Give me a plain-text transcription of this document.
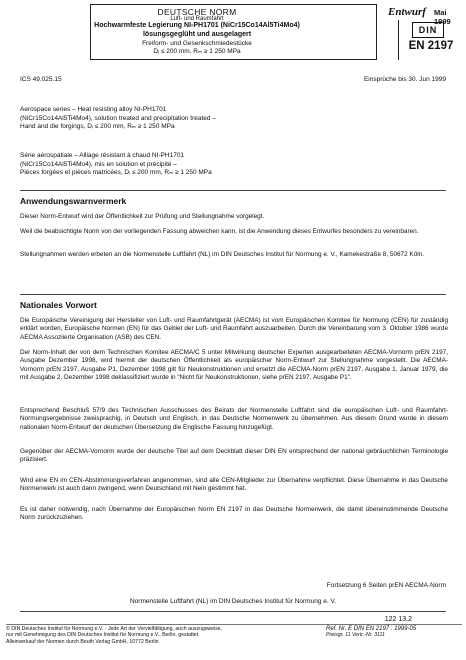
DEUTSCHE NORM	Entwurf Mai 1999
Luft- und Raumfahrt
Hochwarmfeste Legierung NI-PH1701 (NiCr15Co14Al5Ti4Mo4)
lösungsgeglüht und ausgelagert
Freiform- und Gesenkschmiedestücke
Dᵢ ≤ 200 mm, Rₘ ≥ 1 250 MPa
DIN
EN 2197
ICS 49.025.15	Einsprüche bis 30. Jun 1999
Aerospace series – Heat resisting alloy NI-PH1701
(NiCr15Co14Al5Ti4Mo4), solution treated and precipitation treated –
Hand and die forgings, Dᵢ ≤ 200 mm, Rₘ ≥ 1 250 MPa
Série aérospatiale – Alliage résistant à chaud NI-PH1701
(NiCr15Co14Al5Ti4Mo4), mis en solution et précipité –
Pièces forgées et pièces matricées, Dᵢ ≤ 200 mm, Rₘ ≥ 1 250 MPa
Anwendungswarnvermerk
Dieser Norm-Entwurf wird der Öffentlichkeit zur Prüfung und Stellungnahme vorgelegt.
Weil die beabsichtigte Norm von der vorliegenden Fassung abweichen kann, ist die Anwendung dieses Entwurfes besonders zu vereinbaren.
Stellungnahmen werden erbeten an die Normenstelle Luftfahrt (NL) im DIN Deutsches Institut für Normung e. V., Kamekestraße 8, 50672 Köln.
Nationales Vorwort
Die Europäische Vereinigung der Hersteller von Luft- und Raumfahrtgerät (AECMA) ist vom Europäischen Komitee für Normung (CEN) für zuständig erklärt worden, Europäische Normen (EN) für das Gebiet der Luft- und Raumfahrt auszuarbeiten. Durch die Vereinbarung vom 3. Oktober 1986 wurde AECMA Assoziierte Organisation (ASB) des CEN.
Der Norm-Inhalt der von dem Technischen Komitee AECMA/C 5 unter Mitwirkung deutscher Experten ausgearbeiteten AECMA-Vornorm prEN 2197, Ausgabe Dezember 1998, wird hiermit der deutschen Öffentlichkeit als europäischer Norm-Entwurf zur Stellungnahme vorgestellt. Die AECMA-Vornorm prEN 2197, Ausgabe P1, Dezember 1998 gilt für Neukonstruktionen und ersetzt die AECMA-Norm prEN 2197, Ausgabe 1, Januar 1979, die mit Ausgabe 2, Dezember 1998 deklassifiziert wurde in "Nicht für Neukonstruktionen, siehe prEN 2197, Ausgabe P1".
Entsprechend Beschluß 57/9 des Technischen Ausschusses des Beirats der Normenstelle Luftfahrt sind die europäischen Luft- und Raumfahrt-Normungsergebnisse zweisprachig, in Deutsch und Englisch, in das Deutsche Normenwerk zu übernehmen. Aus diesem Grund wurde in diesem nationalen Norm-Entwurf der deutschen Übersetzung die Englische Fassung hinzugefügt.
Gegenüber der AECMA-Vornorm wurde der deutsche Titel auf dem Deckblatt dieser DIN EN entsprechend der national gebräuchlichen Terminologie präzisiert.
Wird eine EN im CEN-Abstimmungsverfahren angenommen, sind alle CEN-Mitglieder zur Übernahme verpflichtet. Diese Übernahme in das Deutsche Normenwerk ist auch dann zwingend, wenn Deutschland mit Nein gestimmt hat.
Es ist daher notwendig, nach Übernahme der Europäischen Norm EN 2197 in das Deutsche Normenwerk, die damit übereinstimmende Deutsche Norm zurückzuziehen.
Fortsetzung 6 Seiten prEN AECMA-Norm
Normenstelle Luftfahrt (NL) im DIN Deutsches Institut für Normung e. V.
122 13.2
© DIN Deutsches Institut für Normung e.V. · Jede Art der Vervielfältigung, auch auszugsweise,
nur mit Genehmigung des DIN Deutsches Institut für Normung e.V., Berlin, gestattet.
Alleinverkauf der Normen durch Beuth Verlag GmbH, 10772 Berlin
Ref. Nr. E DIN EN 2197 : 1999-05
Preisgr. 11 Vertr.-Nr. 3111
